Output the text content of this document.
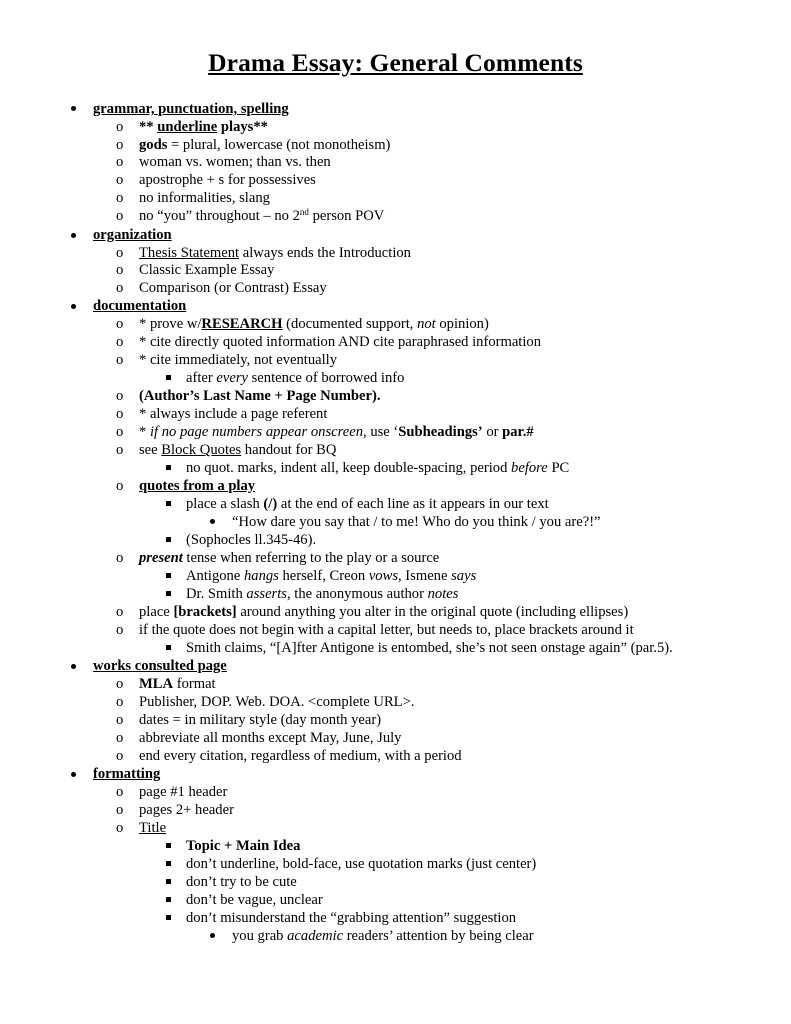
Drama Essay: General Comments
grammar, punctuation, spelling
o ** underline plays**
o gods = plural, lowercase (not monotheism)
o woman vs. women; than vs. then
o apostrophe + s for possessives
o no informalities, slang
o no “you” throughout – no 2nd person POV
organization
o Thesis Statement always ends the Introduction
o Classic Example Essay
o Comparison (or Contrast) Essay
documentation
o * prove w/RESEARCH (documented support, not opinion)
o * cite directly quoted information AND cite paraphrased information
o * cite immediately, not eventually
after every sentence of borrowed info
o (Author’s Last Name + Page Number).
o * always include a page referent
o * if no page numbers appear onscreen, use ‘Subheadings’ or par.#
o see Block Quotes handout for BQ
no quot. marks, indent all, keep double-spacing, period before PC
o quotes from a play
place a slash (/) at the end of each line as it appears in our text
“How dare you say that / to me! Who do you think / you are?!”
(Sophocles ll.345-46).
o present tense when referring to the play or a source
Antigone hangs herself, Creon vows, Ismene says
Dr. Smith asserts, the anonymous author notes
o place [brackets] around anything you alter in the original quote (including ellipses)
o if the quote does not begin with a capital letter, but needs to, place brackets around it
Smith claims, “[A]fter Antigone is entombed, she’s not seen onstage again” (par.5).
works consulted page
o MLA format
o Publisher, DOP. Web. DOA. <complete URL>.
o dates = in military style (day month year)
o abbreviate all months except May, June, July
o end every citation, regardless of medium, with a period
formatting
o page #1 header
o pages 2+ header
o Title
Topic + Main Idea
don’t underline, bold-face, use quotation marks (just center)
don’t try to be cute
don’t be vague, unclear
don’t misunderstand the “grabbing attention” suggestion
you grab academic readers’ attention by being clear
